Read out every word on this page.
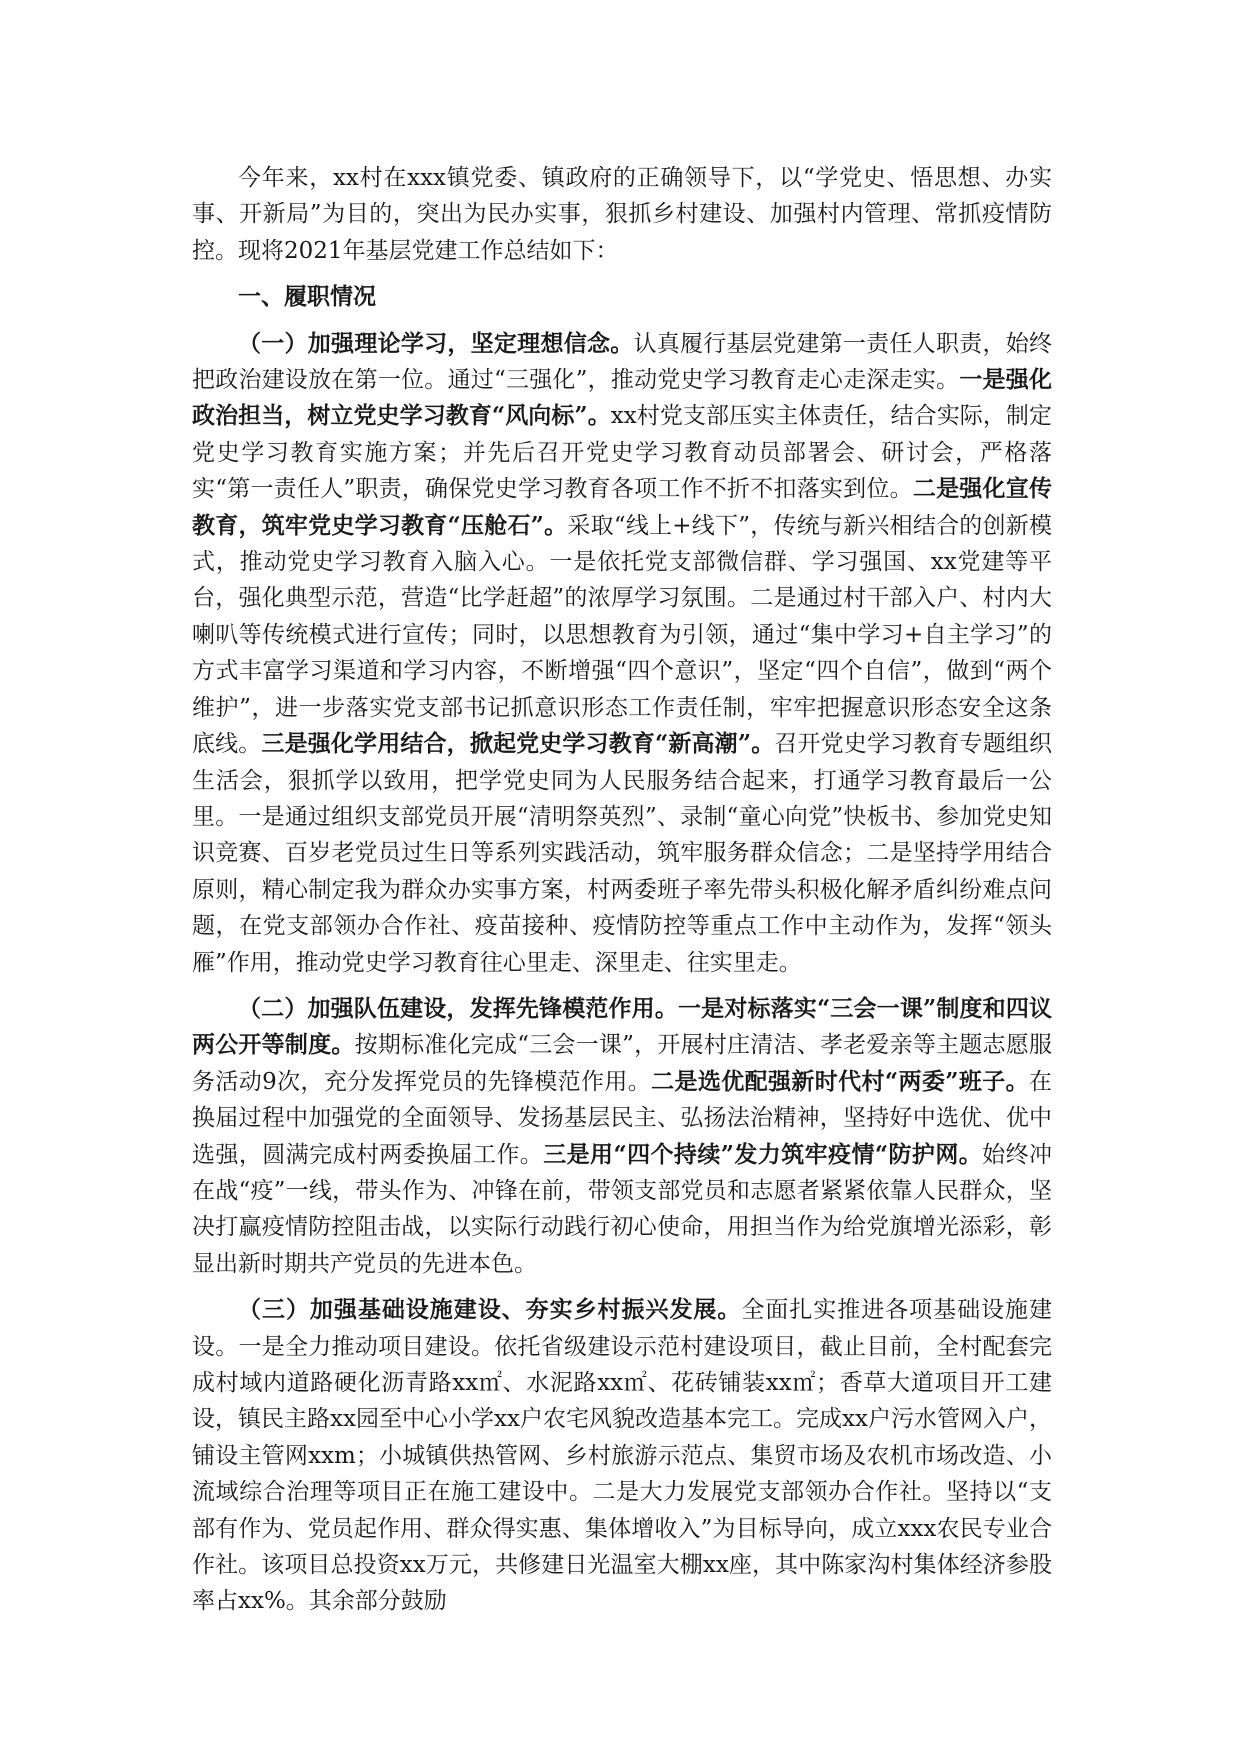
今年来，xx村在xxx镇党委、镇政府的正确领导下，以“学党史、悟思想、办实事、开新局”为目的，突出为民办实事，狠抓乡村建设、加强村内管理、常抓疫情防控。现将2021年基层党建工作总结如下：

一、履职情况

（一）加强理论学习，坚定理想信念。认真履行基层党建第一责任人职责，始终把政治建设放在第一位。通过“三强化”，推动党史学习教育走心走深走实。一是强化政治担当，树立党史学习教育“风向标”。xx村党支部压实主体责任，结合实际，制定党史学习教育实施方案；并先后召开党史学习教育动员部署会、研讨会，严格落实“第一责任人”职责，确保党史学习教育各项工作不折不扣落实到位。二是强化宣传教育，筑牢党史学习教育“压舱石”。采取“线上+线下”，传统与新兴相结合的创新模式，推动党史学习教育入脑入心。一是依托党支部微信群、学习强国、xx党建等平台，强化典型示范，营造“比学赶超”的浓厚学习氛围。二是通过村干部入户、村内大喇叭等传统模式进行宣传；同时，以思想教育为引领，通过“集中学习+自主学习”的方式丰富学习渠道和学习内容，不断增强“四个意识”，坚定“四个自信”，做到“两个维护”，进一步落实党支部书记抓意识形态工作责任制，牢牢把握意识形态安全这条底线。三是强化学用结合，掀起党史学习教育“新高潮”。召开党史学习教育专题组织生活会，狠抓学以致用，把学党史同为人民服务结合起来，打通学习教育最后一公里。一是通过组织支部党员开展“清明祭英烈”、录制“童心向党”快板书、参加党史知识竞赛、百岁老党员过生日等系列实践活动，筑牢服务群众信念；二是坚持学用结合原则，精心制定我为群众办实事方案，村两委班子率先带头积极化解矛盾纠纷难点问题，在党支部领办合作社、疫苗接种、疫情防控等重点工作中主动作为，发挥“领头雁”作用，推动党史学习教育往心里走、深里走、往实里走。

（二）加强队伍建设，发挥先锋模范作用。一是对标落实“三会一课”制度和四议两公开等制度。按期标准化完成“三会一课”，开展村庄清洁、孝老爱亲等主题志愿服务活动9次，充分发挥党员的先锋模范作用。二是选优配强新时代村“两委”班子。在换届过程中加强党的全面领导、发扬基层民主、弘扬法治精神，坚持好中选优、优中选强，圆满完成村两委换届工作。三是用“四个持续”发力筑牢疫情“防护网。始终冲在战“疫”一线，带头作为、冲锋在前，带领支部党员和志愿者紧紧依靠人民群众，坚决打赢疫情防控阻击战，以实际行动践行初心使命，用担当作为给党旗增光添彩，彰显出新时期共产党员的先进本色。

（三）加强基础设施建设、夯实乡村振兴发展。全面扎实推进各项基础设施建设。一是全力推动项目建设。依托省级建设示范村建设项目，截止目前，全村配套完成村域内道路硬化沥青路xx㎡、水泥路xx㎡、花砖铺装xx㎡；香草大道项目开工建设，镇民主路xx园至中心小学xx户农宅风貌改造基本完工。完成xx户污水管网入户，铺设主管网xxm；小城镇供热管网、乡村旅游示范点、集贸市场及农机市场改造、小流域综合治理等项目正在施工建设中。二是大力发展党支部领办合作社。坚持以“支部有作为、党员起作用、群众得实惠、集体增收入”为目标导向，成立xxx农民专业合作社。该项目总投资xx万元，共修建日光温室大棚xx座，其中陈家沟村集体经济参股率占xx%。其余部分鼓励
